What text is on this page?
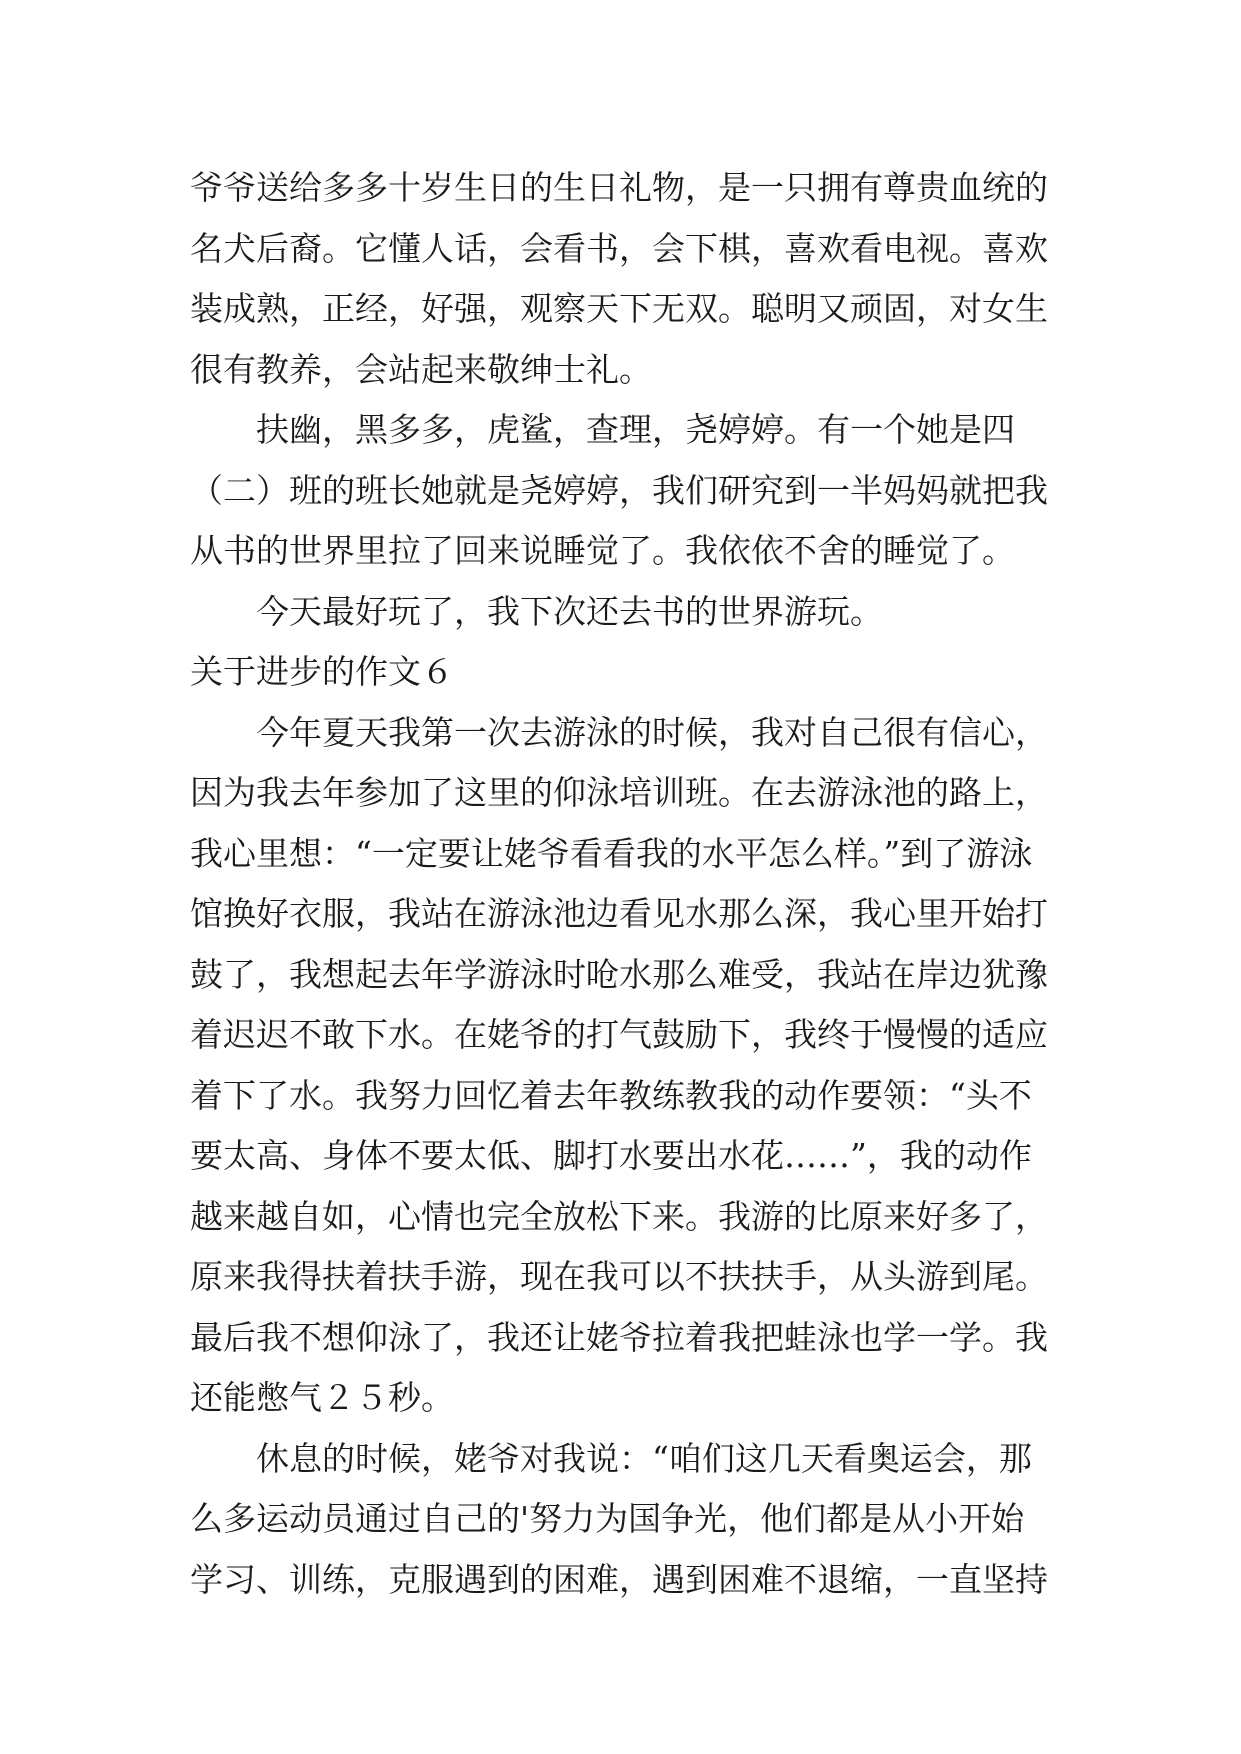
爷爷送给多多十岁生日的生日礼物，是一只拥有尊贵血统的

名犬后裔。它懂人话，会看书，会下棋，喜欢看电视。喜欢

装成熟，正经，好强，观察天下无双。聪明又顽固，对女生

很有教养，会站起来敬绅士礼。

扶幽，黑多多，虎鲨，查理，尧婷婷。有一个她是四

（二）班的班长她就是尧婷婷，我们研究到一半妈妈就把我

从书的世界里拉了回来说睡觉了。我依依不舍的睡觉了。

今天最好玩了，我下次还去书的世界游玩。

关于进步的作文６

今年夏天我第一次去游泳的时候，我对自己很有信心，

因为我去年参加了这里的仰泳培训班。在去游泳池的路上，

我心里想：“一定要让姥爷看看我的水平怎么样。”到了游泳

馆换好衣服，我站在游泳池边看见水那么深，我心里开始打

鼓了，我想起去年学游泳时呛水那么难受，我站在岸边犹豫

着迟迟不敢下水。在姥爷的打气鼓励下，我终于慢慢的适应

着下了水。我努力回忆着去年教练教我的动作要领：“头不

要太高、身体不要太低、脚打水要出水花……”，我的动作

越来越自如，心情也完全放松下来。我游的比原来好多了，

原来我得扶着扶手游，现在我可以不扶扶手，从头游到尾。

最后我不想仰泳了，我还让姥爷拉着我把蛙泳也学一学。我

还能憋气２５秒。

休息的时候，姥爷对我说：“咱们这几天看奥运会，那

么多运动员通过自己的'努力为国争光，他们都是从小开始

学习、训练，克服遇到的困难，遇到困难不退缩，一直坚持
